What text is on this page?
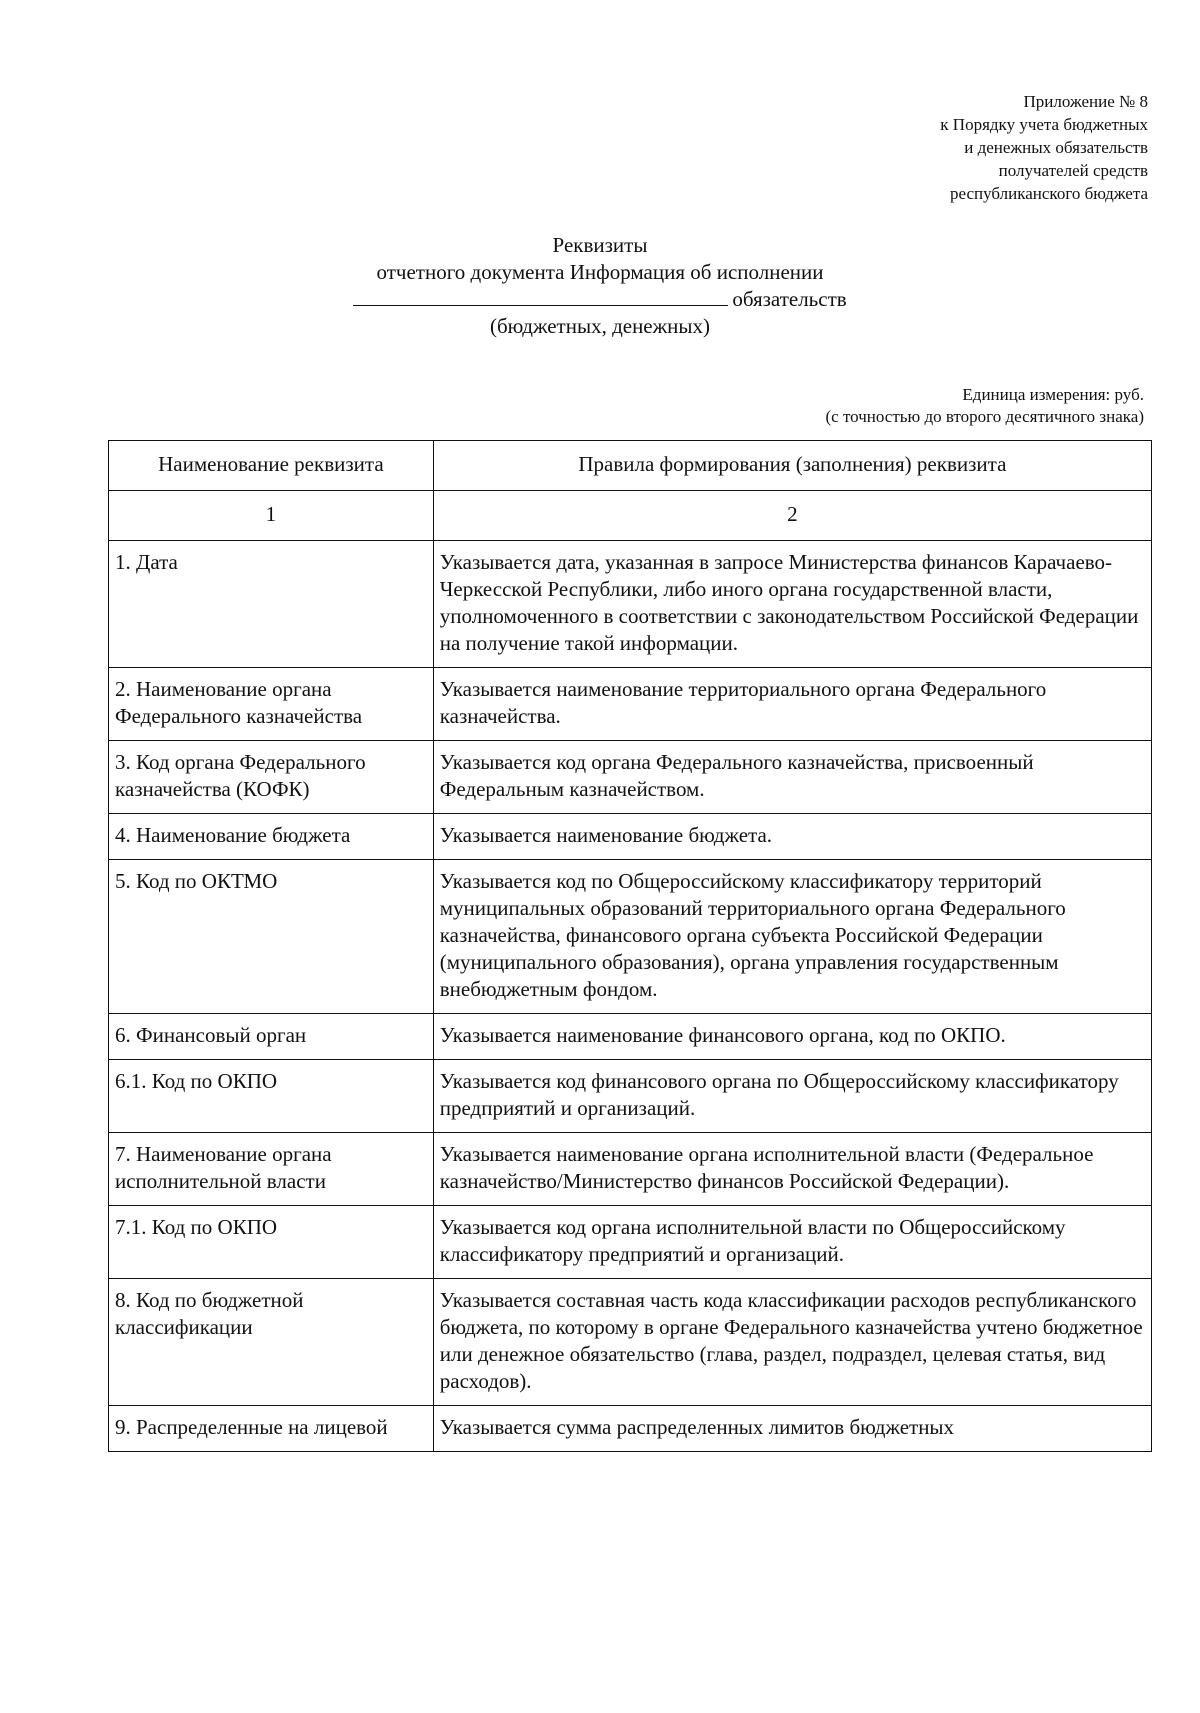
Приложение № 8
к Порядку учета бюджетных
и денежных обязательств
получателей средств
республиканского бюджета
Реквизиты
отчетного документа Информация об исполнении
обязательств
(бюджетных, денежных)
Единица измерения: руб.
(с точностью до второго десятичного знака)
Наименование реквизита	Правила формирования (заполнения) реквизита
1	2
1. Дата	Указывается дата, указанная в запросе Министерства финансов Карачаево-Черкесской Республики, либо иного органа государственной власти, уполномоченного в соответствии с законодательством Российской Федерации на получение такой информации.
2. Наименование органа Федерального казначейства	Указывается наименование территориального органа Федерального казначейства.
3. Код органа Федерального казначейства (КОФК)	Указывается код органа Федерального казначейства, присвоенный Федеральным казначейством.
4. Наименование бюджета	Указывается наименование бюджета.
5. Код по ОКТМО	Указывается код по Общероссийскому классификатору территорий муниципальных образований территориального органа Федерального казначейства, финансового органа субъекта Российской Федерации (муниципального образования), органа управления государственным внебюджетным фондом.
6. Финансовый орган	Указывается наименование финансового органа, код по ОКПО.
6.1. Код по ОКПО	Указывается код финансового органа по Общероссийскому классификатору предприятий и организаций.
7. Наименование органа исполнительной власти	Указывается наименование органа исполнительной власти (Федеральное казначейство/Министерство финансов Российской Федерации).
7.1. Код по ОКПО	Указывается код органа исполнительной власти по Общероссийскому классификатору предприятий и организаций.
8. Код по бюджетной классификации	Указывается составная часть кода классификации расходов республиканского бюджета, по которому в органе Федерального казначейства учтено бюджетное или денежное обязательство (глава, раздел, подраздел, целевая статья, вид расходов).
9. Распределенные на лицевой	Указывается сумма распределенных лимитов бюджетных
